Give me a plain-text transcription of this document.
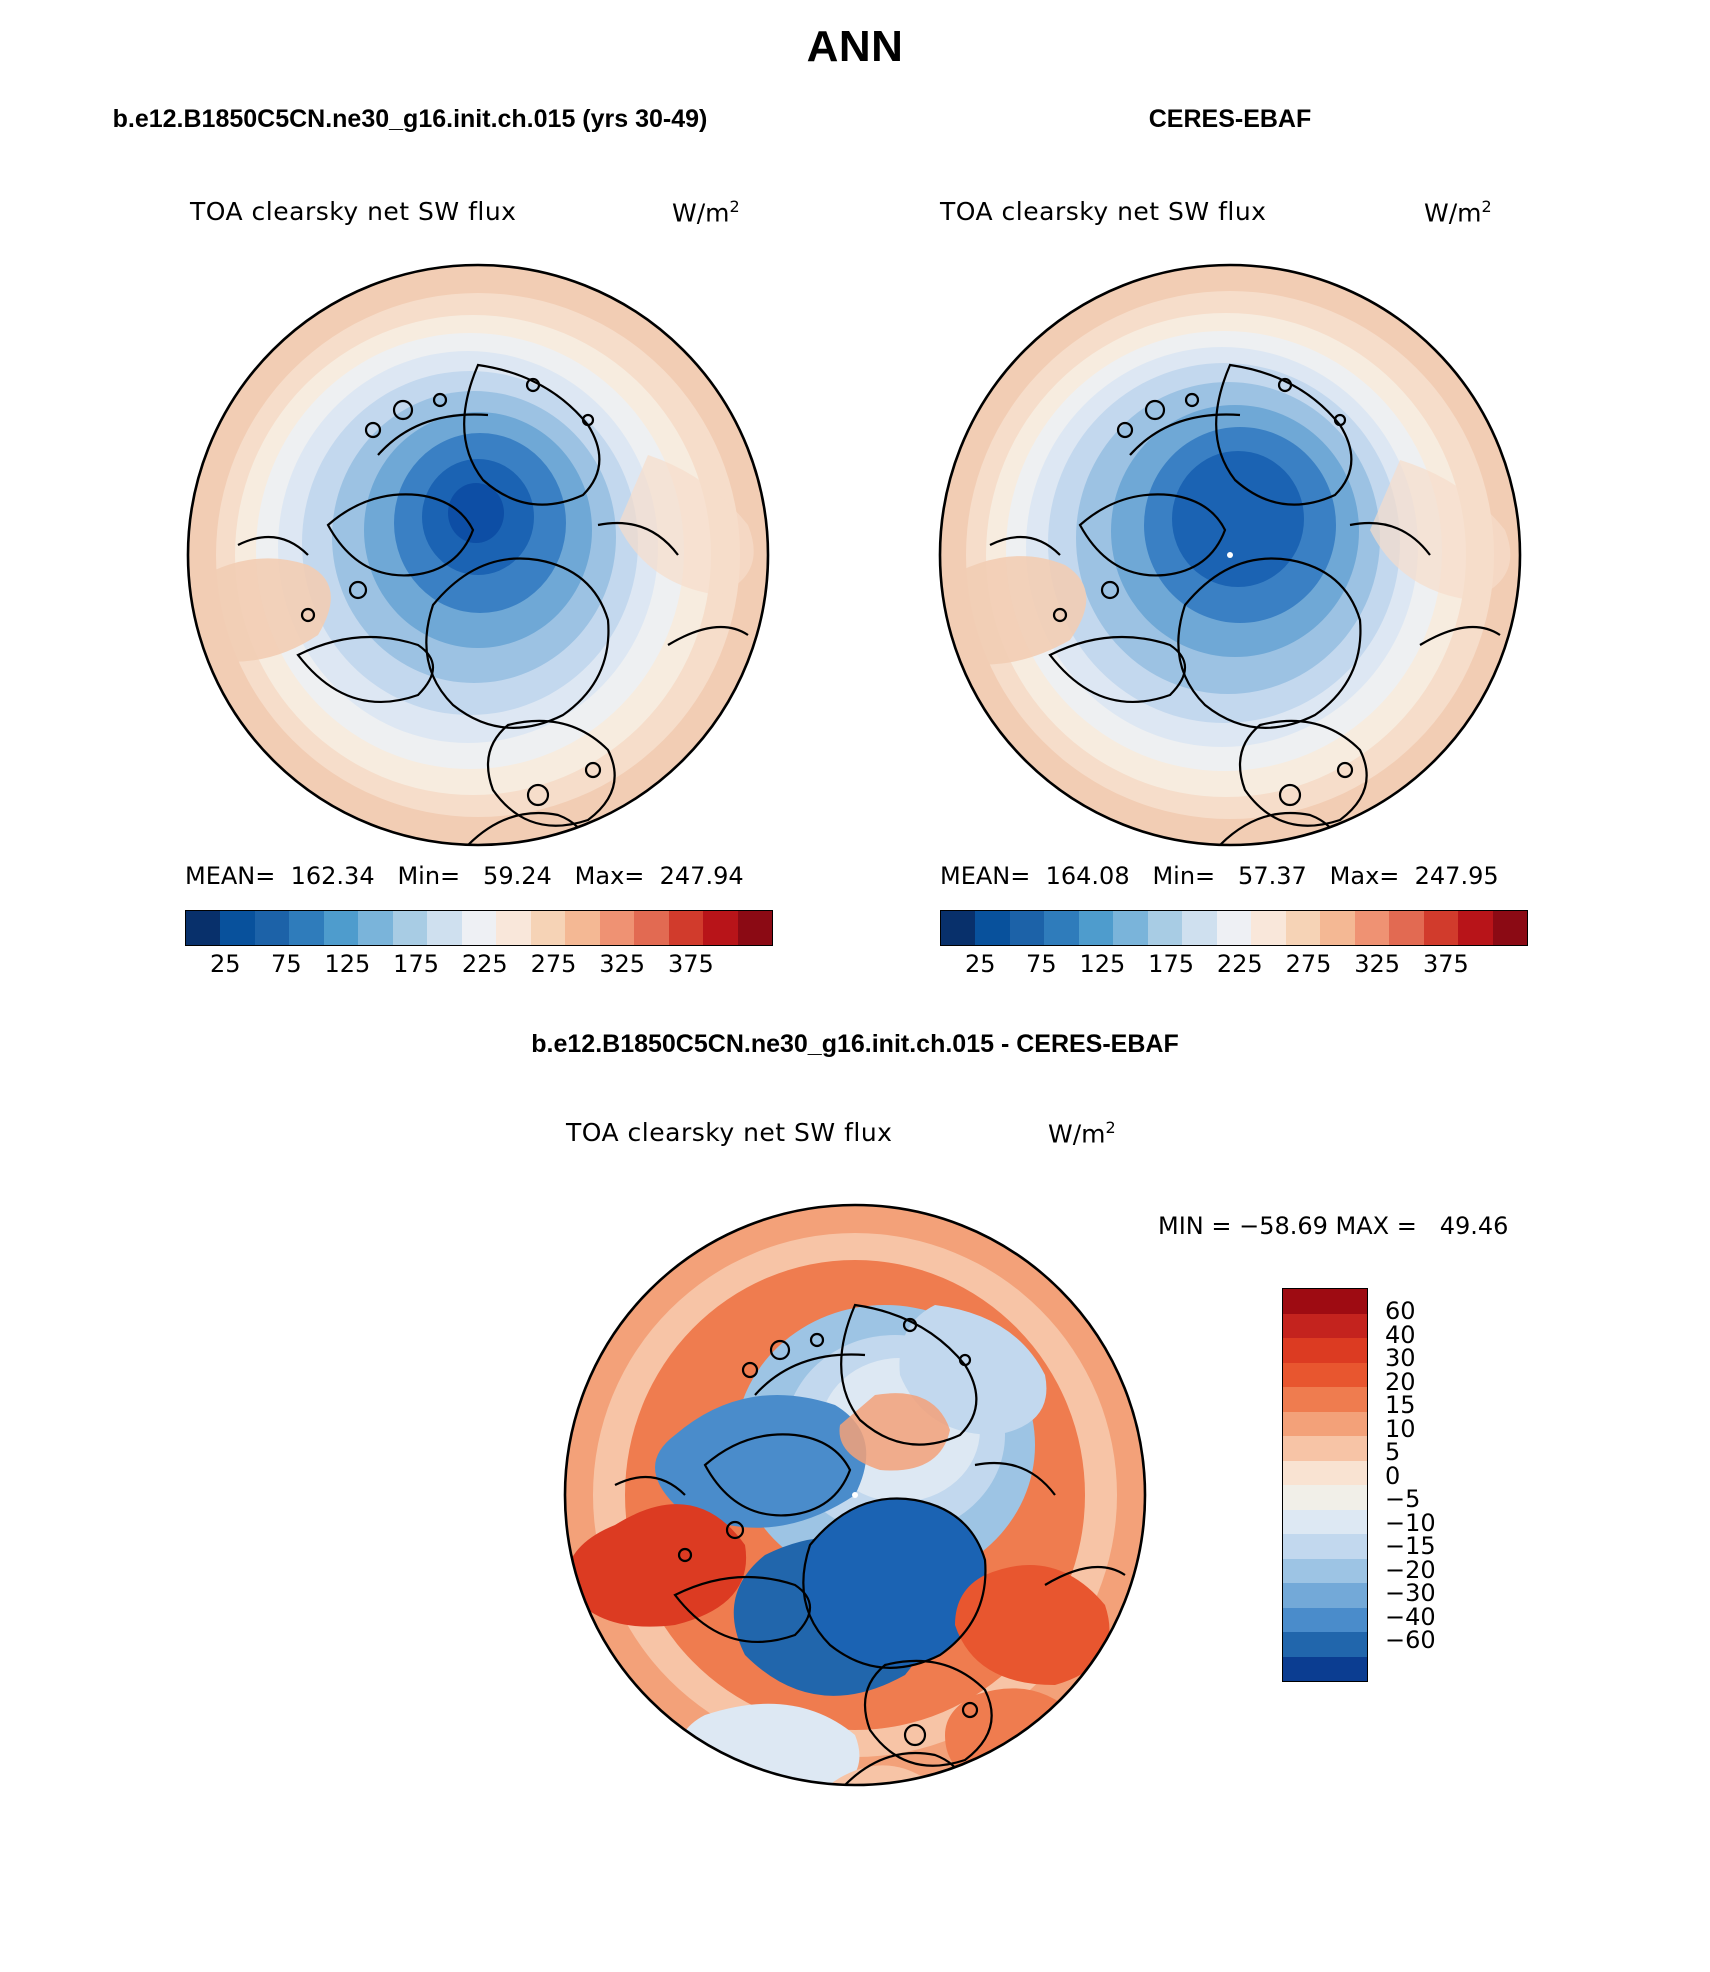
ANN
b.e12.B1850C5CN.ne30_g16.init.ch.015 (yrs 30-49)
TOA clearsky net SW flux	$W/m^2$
MEAN=  162.34   Min=   59.24   Max=  247.94
25    75   125   175   225   275   325   375
CERES-EBAF
TOA clearsky net SW flux	$W/m^2$
MEAN=  164.08   Min=   57.37   Max=  247.95
25    75   125   175   225   275   325   375
b.e12.B1850C5CN.ne30_g16.init.ch.015 - CERES-EBAF
TOA clearsky net SW flux	$W/m^2$
MIN = −58.69 MAX =   49.46
60
40
30
20
15
10
5
0
−5
−10
−15
−20
−30
−40
−60
